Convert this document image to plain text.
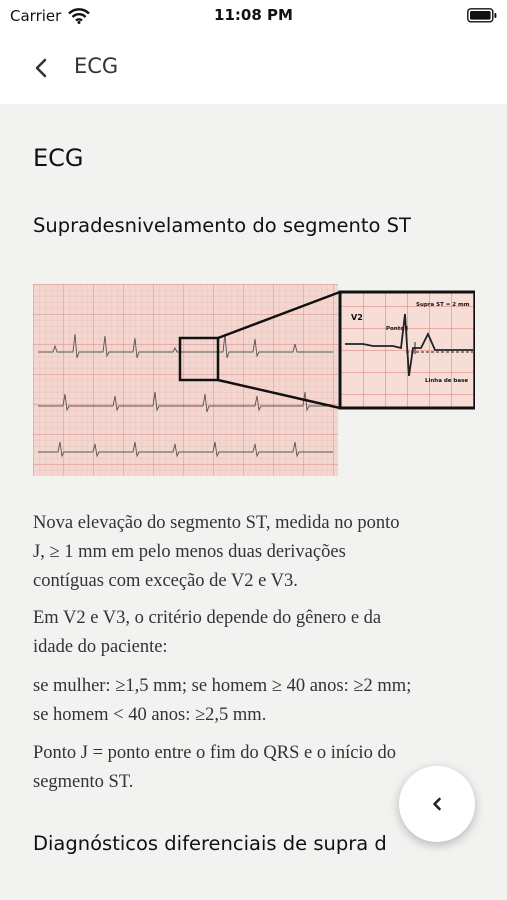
Carrier	11:08 PM
ECG
ECG
Supradesnivelamento do segmento ST
V2
Supra ST = 2 mm
Ponto J
Linha de base
Nova elevação do segmento ST, medida no ponto
J, ≥ 1 mm em pelo menos duas derivações
contíguas com exceção de V2 e V3.
Em V2 e V3, o critério depende do gênero e da
idade do paciente:
se mulher: ≥1,5 mm; se homem ≥ 40 anos: ≥2 mm;
se homem < 40 anos: ≥2,5 mm.
Ponto J = ponto entre o fim do QRS e o início do
segmento ST.
Diagnósticos diferenciais de supra d
